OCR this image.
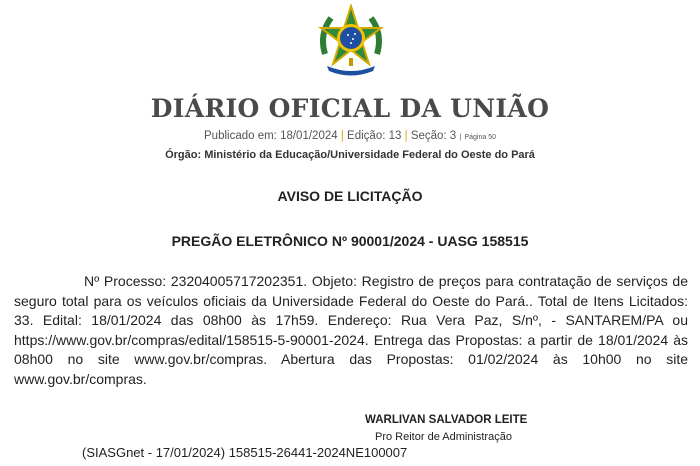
DIÁRIO OFICIAL DA UNIÃO
Publicado em: 18/01/2024 | Edição: 13 | Seção: 3 | Página 50
Órgão: Ministério da Educação/Universidade Federal do Oeste do Pará
AVISO DE LICITAÇÃO
PREGÃO ELETRÔNICO Nº 90001/2024 - UASG 158515
Nº Processo: 23204005717202351. Objeto: Registro de preços para contratação de serviços de seguro total para os veículos oficiais da Universidade Federal do Oeste do Pará.. Total de Itens Licitados: 33. Edital: 18/01/2024 das 08h00 às 17h59. Endereço: Rua Vera Paz, S/nº, - SANTAREM/PA ou https://www.gov.br/compras/edital/158515-5-90001-2024. Entrega das Propostas: a partir de 18/01/2024 às 08h00 no site www.gov.br/compras. Abertura das Propostas: 01/02/2024 às 10h00 no site www.gov.br/compras.
WARLIVAN SALVADOR LEITE
Pro Reitor de Administração
(SIASGnet - 17/01/2024) 158515-26441-2024NE100007
